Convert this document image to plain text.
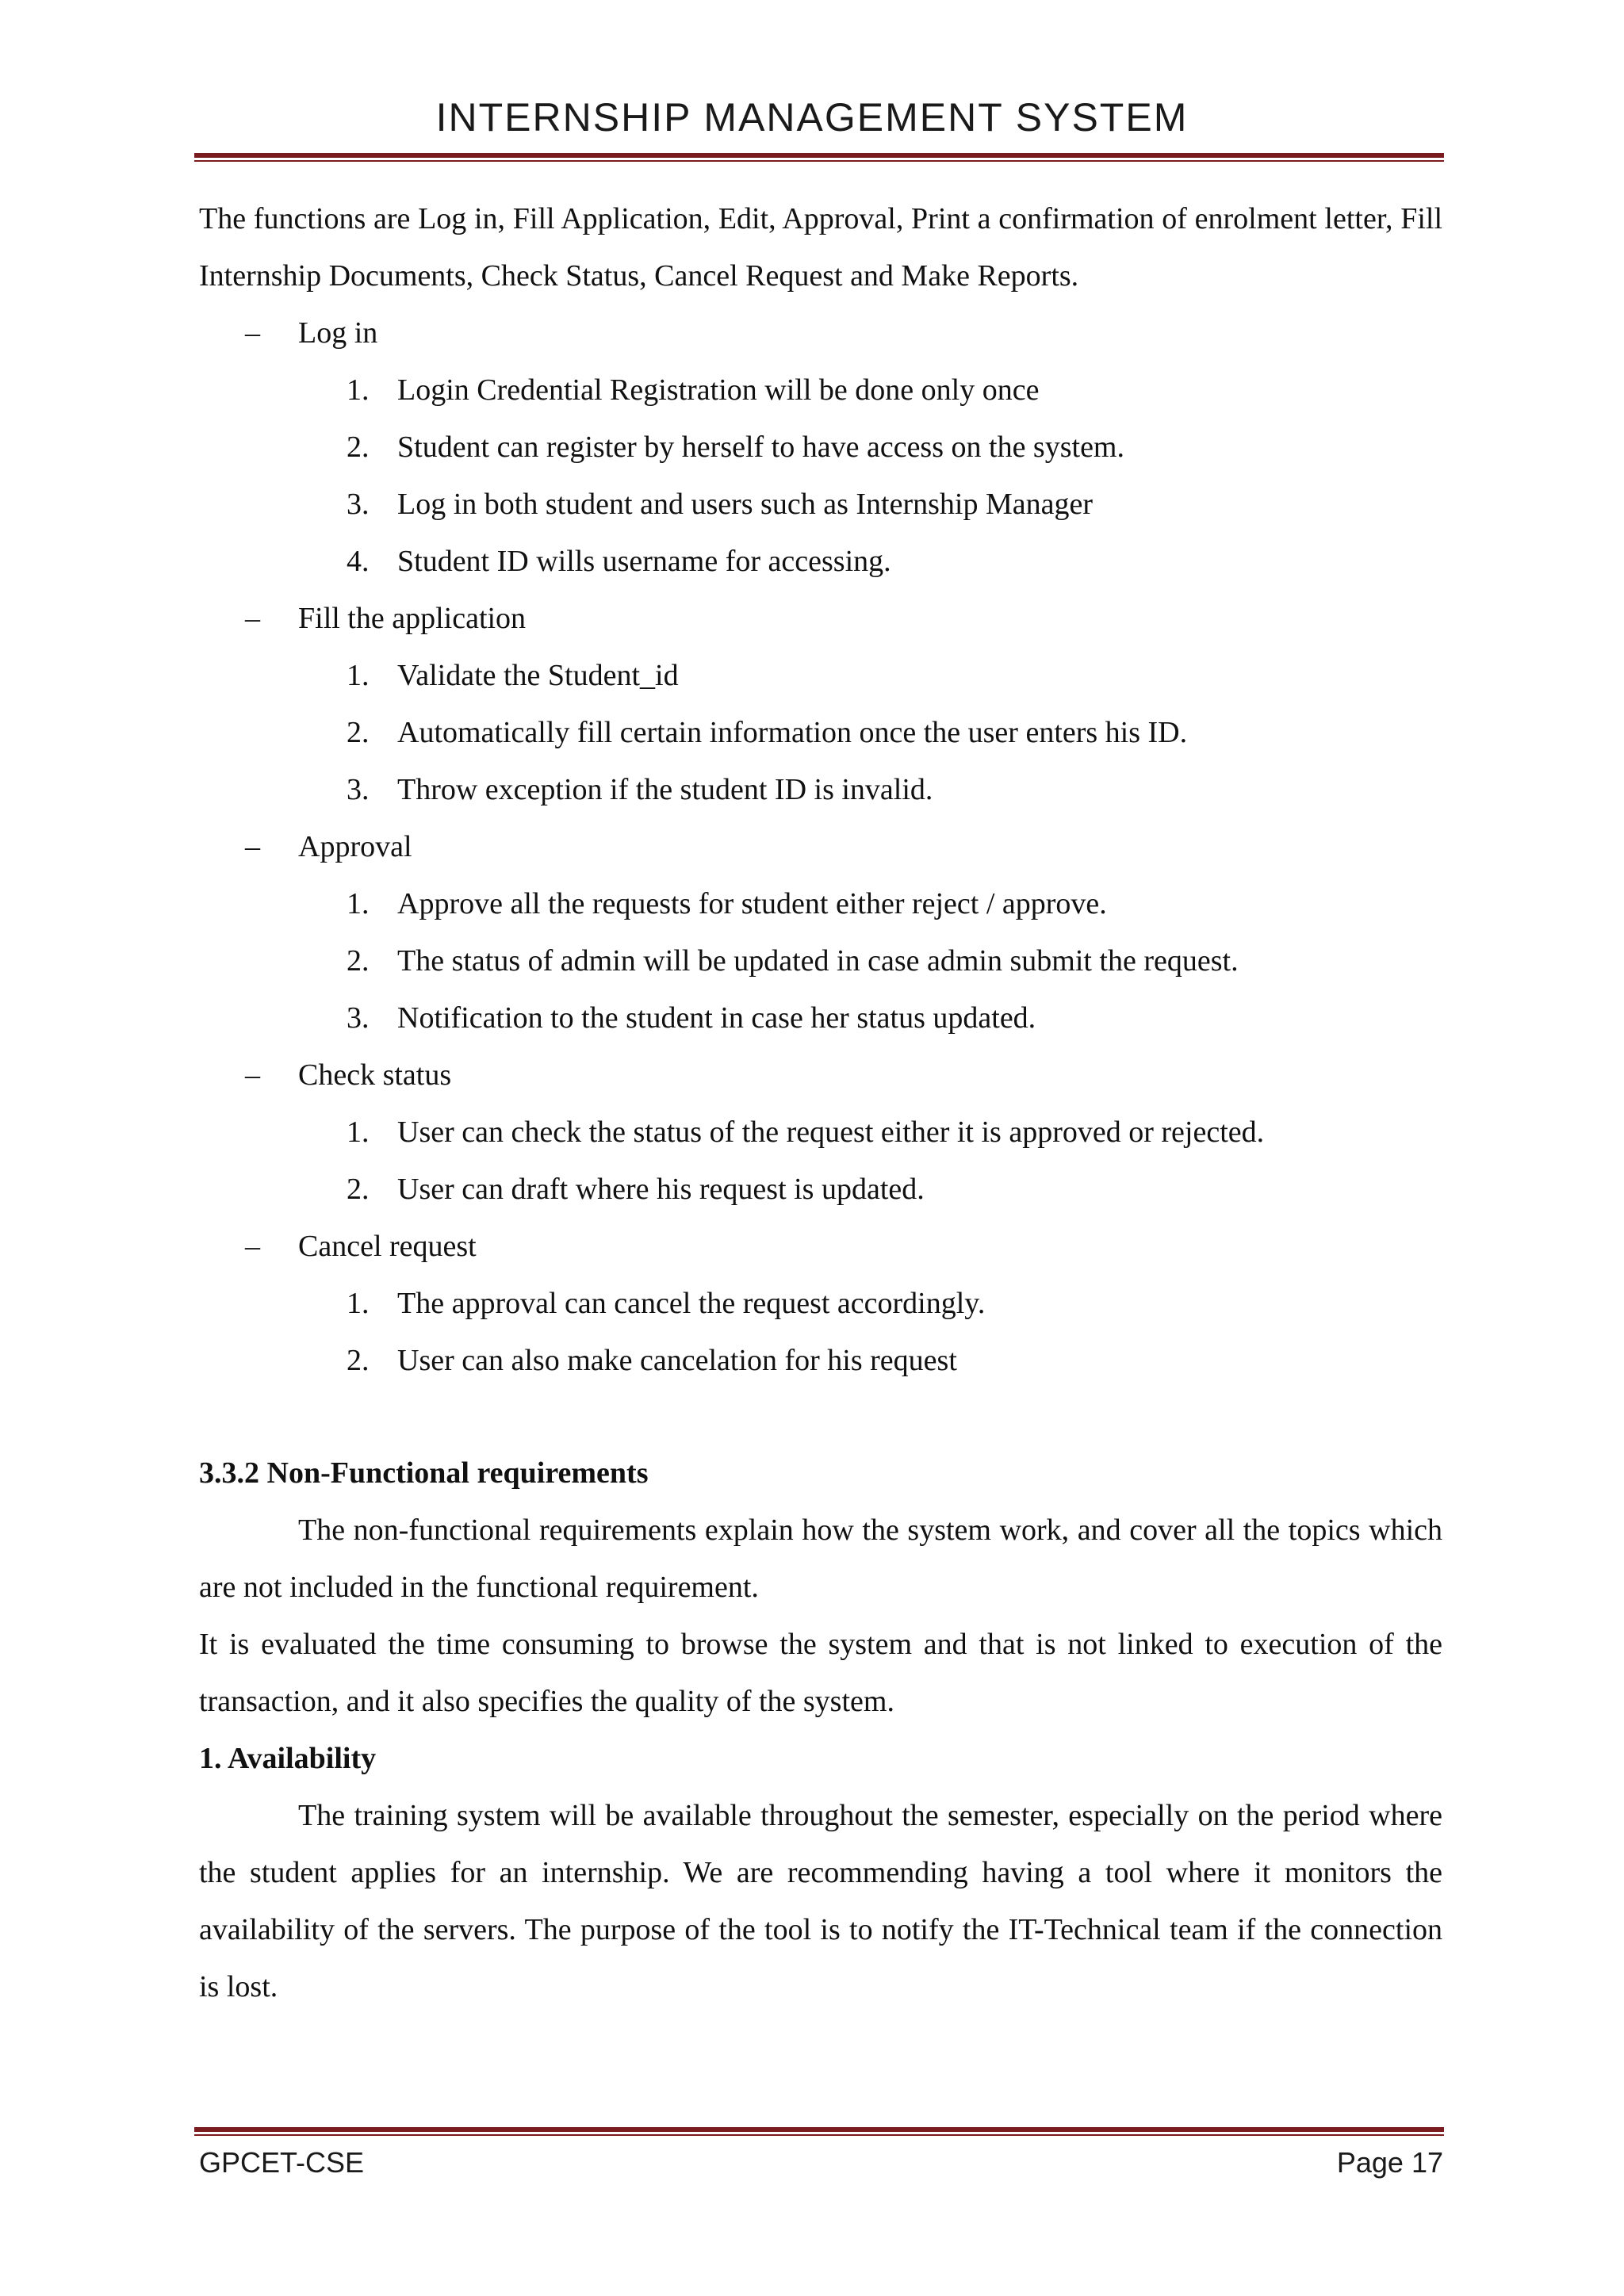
INTERNSHIP MANAGEMENT SYSTEM

The functions are Log in, Fill Application, Edit, Approval, Print a confirmation of enrolment letter, Fill Internship Documents, Check Status, Cancel Request and Make Reports.

– Log in
1. Login Credential Registration will be done only once
2. Student can register by herself to have access on the system.
3. Log in both student and users such as Internship Manager
4. Student ID wills username for accessing.
– Fill the application
1. Validate the Student_id
2. Automatically fill certain information once the user enters his ID.
3. Throw exception if the student ID is invalid.
– Approval
1. Approve all the requests for student either reject / approve.
2. The status of admin will be updated in case admin submit the request.
3. Notification to the student in case her status updated.
– Check status
1. User can check the status of the request either it is approved or rejected.
2. User can draft where his request is updated.
– Cancel request
1. The approval can cancel the request accordingly.
2. User can also make cancelation for his request

3.3.2 Non-Functional requirements

The non-functional requirements explain how the system work, and cover all the topics which are not included in the functional requirement.

It is evaluated the time consuming to browse the system and that is not linked to execution of the transaction, and it also specifies the quality of the system.

1. Availability

The training system will be available throughout the semester, especially on the period where the student applies for an internship. We are recommending having a tool where it monitors the availability of the servers. The purpose of the tool is to notify the IT-Technical team if the connection is lost.

GPCET-CSE	Page 17
